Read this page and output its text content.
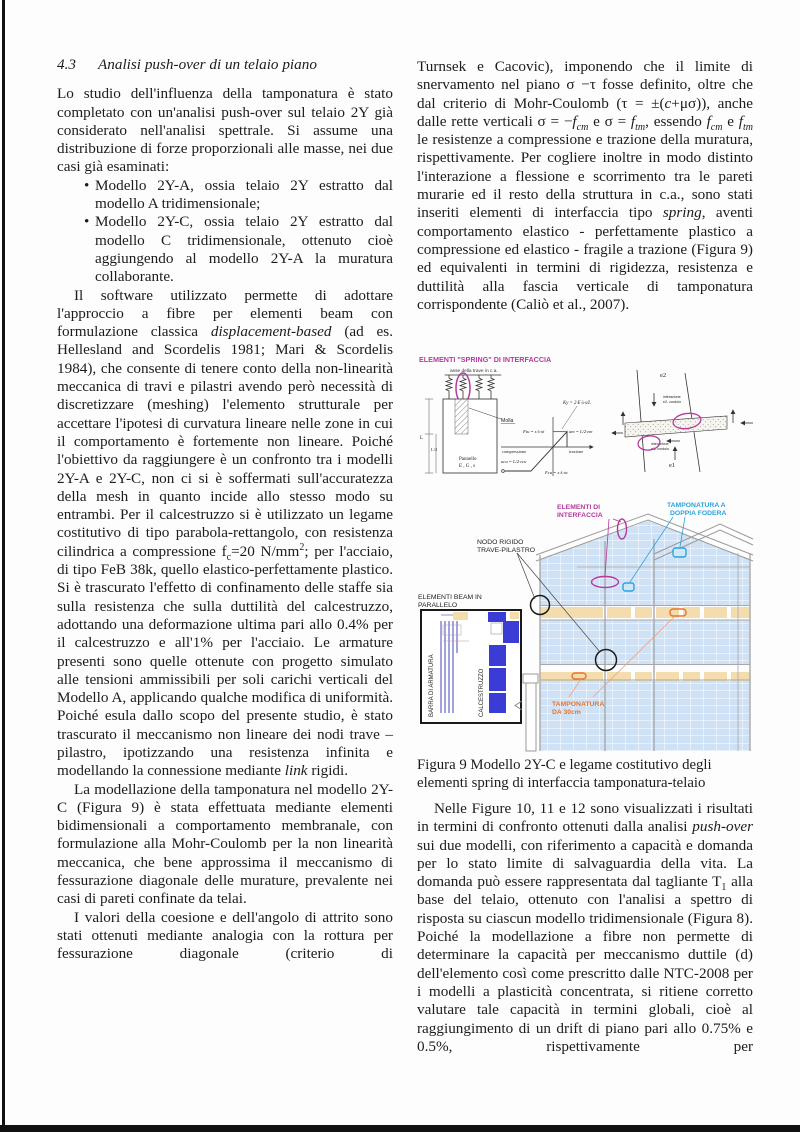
4.3 Analisi push-over di un telaio piano

Lo studio dell'influenza della tamponatura è stato completato con un'analisi push-over sul telaio 2Y già considerato nell'analisi spettrale. Si assume una distribuzione di forze proporzionali alle masse, nei due casi già esaminati:

• Modello 2Y-A, ossia telaio 2Y estratto dal modello A tridimensionale;
• Modello 2Y-C, ossia telaio 2Y estratto dal modello C tridimensionale, ottenuto cioè aggiungendo al modello 2Y-A la muratura collaborante.

Il software utilizzato permette di adottare l'approccio a fibre per elementi beam con formulazione classica displacement-based (ad es. Hellesland and Scordelis 1981; Mari & Scordelis 1984), che consente di tenere conto della non-linearità meccanica di travi e pilastri avendo però necessità di discretizzare (meshing) l'elemento strutturale per accettare l'ipotesi di curvatura lineare nelle zone in cui il comportamento è fortemente non lineare. Poiché l'obiettivo da raggiungere è un confronto tra i modelli 2Y-A e 2Y-C, non ci si è soffermati sull'accuratezza della mesh in quanto incide allo stesso modo su entrambi. Per il calcestruzzo si è utilizzato un legame costitutivo di tipo parabola-rettangolo, con resistenza cilindrica a compressione $f_c=20$ $N/mm^2$; per l'acciaio, di tipo FeB 38k, quello elastico-perfettamente plastico. Si è trascurato l'effetto di confinamento delle staffe sia sulla resistenza che sulla duttilità del calcestruzzo, adottando una deformazione ultima pari allo 0.4% per il calcestruzzo e all'1% per l'acciaio. Le armature presenti sono quelle ottenute con progetto simulato alle tensioni ammissibili per soli carichi verticali del Modello A, applicando qualche modifica di uniformità. Poiché esula dallo scopo del presente studio, è stato trascurato il meccanismo non lineare dei nodi trave – pilastro, ipotizzando una resistenza infinita e modellando la connessione mediante link rigidi.

La modellazione della tamponatura nel modello 2Y-C (Figura 9) è stata effettuata mediante elementi bidimensionali a comportamento membranale, con formulazione alla Mohr-Coulomb per la non linearità meccanica, che bene approssima il meccanismo di fessurazione diagonale delle murature, prevalente nei casi di pareti confinate da telai.

I valori della coesione e dell'angolo di attrito sono stati ottenuti mediante analogia con la rottura per fessurazione diagonale (criterio di

Turnsek e Cacovic), imponendo che il limite di snervamento nel piano σ −τ fosse definito, oltre che dal criterio di Mohr-Coulomb (τ = ±(c+μσ)), anche dalle rette verticali $\sigma = -f_{cm}$ e $\sigma = f_{tm}$, essendo $f_{cm}$ e $f_{tm}$ le resistenze a compressione e trazione della muratura, rispettivamente. Per cogliere inoltre in modo distinto l'interazione a flessione e scorrimento tra le pareti murarie ed il resto della struttura in c.a., sono stati inseriti elementi di interfaccia tipo spring, aventi comportamento elastico - perfettamente plastico a compressione ed elastico - fragile a trazione (Figura 9) ed equivalenti in termini di rigidezza, resistenza e duttilità alla fascia verticale di tamponatura corrispondente (Caliò et al., 2007).

ELEMENTI "SPRING" DI INTERFACCIA
asse della trave in c.a.
Molla
Pannello
E , G , s
L
L/2
Ky = 2·E·λ·s/L
Ftu = s·λ·σt	um = L/2·εm
compressione	trazione
ucu = L/2·εcu
Fcu = s·λ·σc
e2
e1
interazione
e2- cordolo
interazione
e1- cordolo
ELEMENTI DI
INTERFACCIA
TAMPONATURA A
DOPPIA FODERA
NODO RIGIDO
TRAVE-PILASTRO
TAMPONATURA
DA 30cm
ELEMENTI BEAM IN
PARALLELO
BARRA DI ARMATURA	CALCESTRUZZO

Figura 9 Modello 2Y-C e legame costitutivo degli elementi spring di interfaccia tamponatura-telaio

Nelle Figure 10, 11 e 12 sono visualizzati i risultati in termini di confronto ottenuti dalla analisi push-over sui due modelli, con riferimento a capacità e domanda per lo stato limite di salvaguardia della vita. La domanda può essere rappresentata dal tagliante $T_1$ alla base del telaio, ottenuto con l'analisi a spettro di risposta su ciascun modello tridimensionale (Figura 8). Poiché la modellazione a fibre non permette di determinare la capacità per meccanismo duttile (d) dell'elemento così come prescritto dalle NTC-2008 per i modelli a plasticità concentrata, si ritiene corretto valutare tale capacità in termini globali, cioè al raggiungimento di un drift di piano pari allo 0.75% e 0.5%, rispettivamente per
